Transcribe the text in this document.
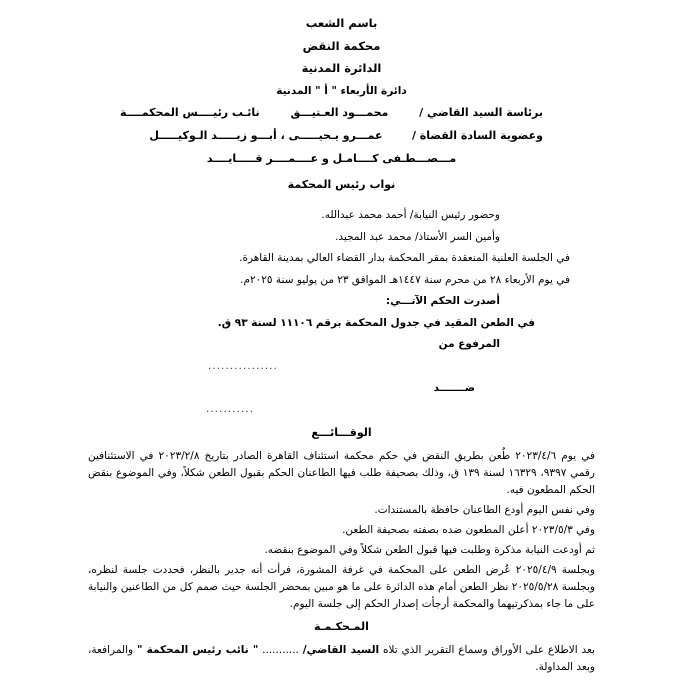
باسم الشعب
محكمة النقض
الدائرة المدنية
دائرة الأربعاء " أ " المدنية
برئاسة السيد القاضي /
محمـــود العـتيـــق
نائـب رئيــــس المحكمــــة
وعضوية السادة القضاة /
عمـــرو يـحيـــــى ، أبـــو زيـــــد الـوكيـــــل
مـــصـــطـفى كــــامـل و عــــمــــر قـــــايــــد
نواب رئيس المحكمة
وحضور رئيس النيابة/ أحمد محمد عبدالله.
وأمين السر الأستاذ/ محمد عبد المجيد.
في الجلسة العلنية المنعقدة بمقر المحكمة بدار القضاء العالي بمدينة القاهرة.
في يوم الأربعاء ٢٨ من محرم سنة ١٤٤٧هـ الموافق ٢٣ من يوليو سنة ٢٠٢٥م.
أصدرت الحكم الآتـــي:
في الطعن المقيد في جدول المحكمة برقم ١١١٠٦ لسنة ٩٣ ق.
المرفوع من
................
ضـــــــد
...........
الوقـــائـــع
في يوم ٢٠٢٣/٤/٦ طُعن بطريق النقض في حكم محكمة استئناف القاهرة الصادر بتاريخ ٢٠٢٣/٢/٨ في الاستئنافين رقمي ٩٣٩٧، ١٦٣٢٩ لسنة ١٣٩ ق، وذلك بصحيفة طلب فيها الطاعنان الحكم بقبول الطعن شكلاً، وفي الموضوع بنقض الحكم المطعون فيه.
وفي نفس اليوم أودع الطاعنان حافظة بالمستندات.
وفي ٢٠٢٣/٥/٣ أعلن المطعون ضده بصفته بصحيفة الطعن.
ثم أودعت النيابة مذكرة وطلبت فيها قبول الطعن شكلاً وفي الموضوع بنقضه.
وبجلسة ٢٠٢٥/٤/٩ عُرض الطعن على المحكمة في غرفة المشورة، فرأت أنه جدير بالنظر، فحددت جلسة لنظره، وبجلسة ٢٠٢٥/٥/٢٨ نظر الطعن أمام هذه الدائرة على ما هو مبين بمحضر الجلسة حيث صمم كل من الطاعنين والنيابة على ما جاء بمذكرتيهما والمحكمة أرجأت إصدار الحكم إلى جلسة اليوم.
المـحكـمـة
بعد الاطلاع على الأوراق وسماع التقرير الذي تلاه السيد القاضي/ ........... " نائب رئيس المحكمة " والمرافعة، وبعد المداولة.
